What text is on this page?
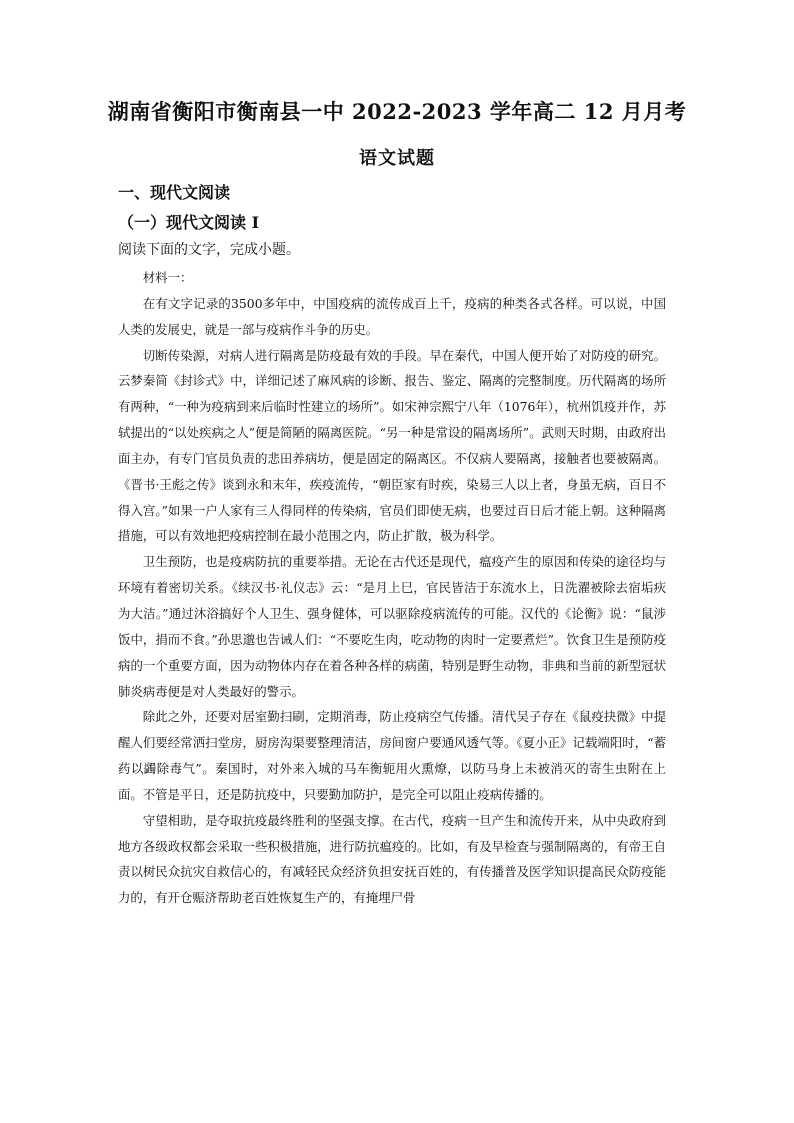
湖南省衡阳市衡南县一中 2022-2023 学年高二 12 月月考
语文试题
一、现代文阅读
（一）现代文阅读 I
阅读下面的文字，完成小题。

材料一：

在有文字记录的3500多年中，中国疫病的流传成百上千，疫病的种类各式各样。可以说，中国人类的发展史，就是一部与疫病作斗争的历史。

切断传染源，对病人进行隔离是防疫最有效的手段。早在秦代，中国人便开始了对防疫的研究。云梦秦简《封诊式》中，详细记述了麻风病的诊断、报告、鉴定、隔离的完整制度。历代隔离的场所有两种，“一种为疫病到来后临时性建立的场所”。如宋神宗熙宁八年（1076年），杭州饥疫并作，苏轼提出的“以处疾病之人”便是简陋的隔离医院。“另一种是常设的隔离场所”。武则天时期，由政府出面主办，有专门官员负责的悲田养病坊，便是固定的隔离区。不仅病人要隔离，接触者也要被隔离。《晋书·王彪之传》谈到永和末年，疾疫流传，“朝臣家有时疾，染易三人以上者，身虽无病，百日不得入宫。”如果一户人家有三人得同样的传染病，官员们即使无病，也要过百日后才能上朝。这种隔离措施，可以有效地把疫病控制在最小范围之内，防止扩散，极为科学。

卫生预防，也是疫病防抗的重要举措。无论在古代还是现代，瘟疫产生的原因和传染的途径均与环境有着密切关系。《续汉书·礼仪志》云：“是月上巳，官民皆洁于东流水上，日洗濯被除去宿垢疢为大洁。”通过沐浴搞好个人卫生、强身健体，可以驱除疫病流传的可能。汉代的《论衡》说：“鼠涉饭中，捐而不食。”孙思邈也告诫人们：“不要吃生肉，吃动物的肉时一定要煮烂”。饮食卫生是预防疫病的一个重要方面，因为动物体内存在着各种各样的病菌，特别是野生动物，非典和当前的新型冠状肺炎病毒便是对人类最好的警示。

除此之外，还要对居室勤扫刷，定期消毒，防止疫病空气传播。清代吴子存在《鼠疫抉微》中提醒人们要经常洒扫堂房，厨房沟渠要整理清洁，房间窗户要通风透气等。《夏小正》记载端阳时，“蓄药以蠲除毒气”。秦国时，对外来入城的马车衡轭用火熏燎，以防马身上未被消灭的寄生虫附在上面。不管是平日，还是防抗疫中，只要勤加防护，是完全可以阻止疫病传播的。

守望相助，是夺取抗疫最终胜利的坚强支撑。在古代，疫病一旦产生和流传开来，从中央政府到地方各级政权都会采取一些积极措施，进行防抗瘟疫的。比如，有及早检查与强制隔离的，有帝王自责以树民众抗灾自救信心的，有减轻民众经济负担安抚百姓的，有传播普及医学知识提高民众防疫能力的，有开仓赈济帮助老百姓恢复生产的，有掩埋尸骨
